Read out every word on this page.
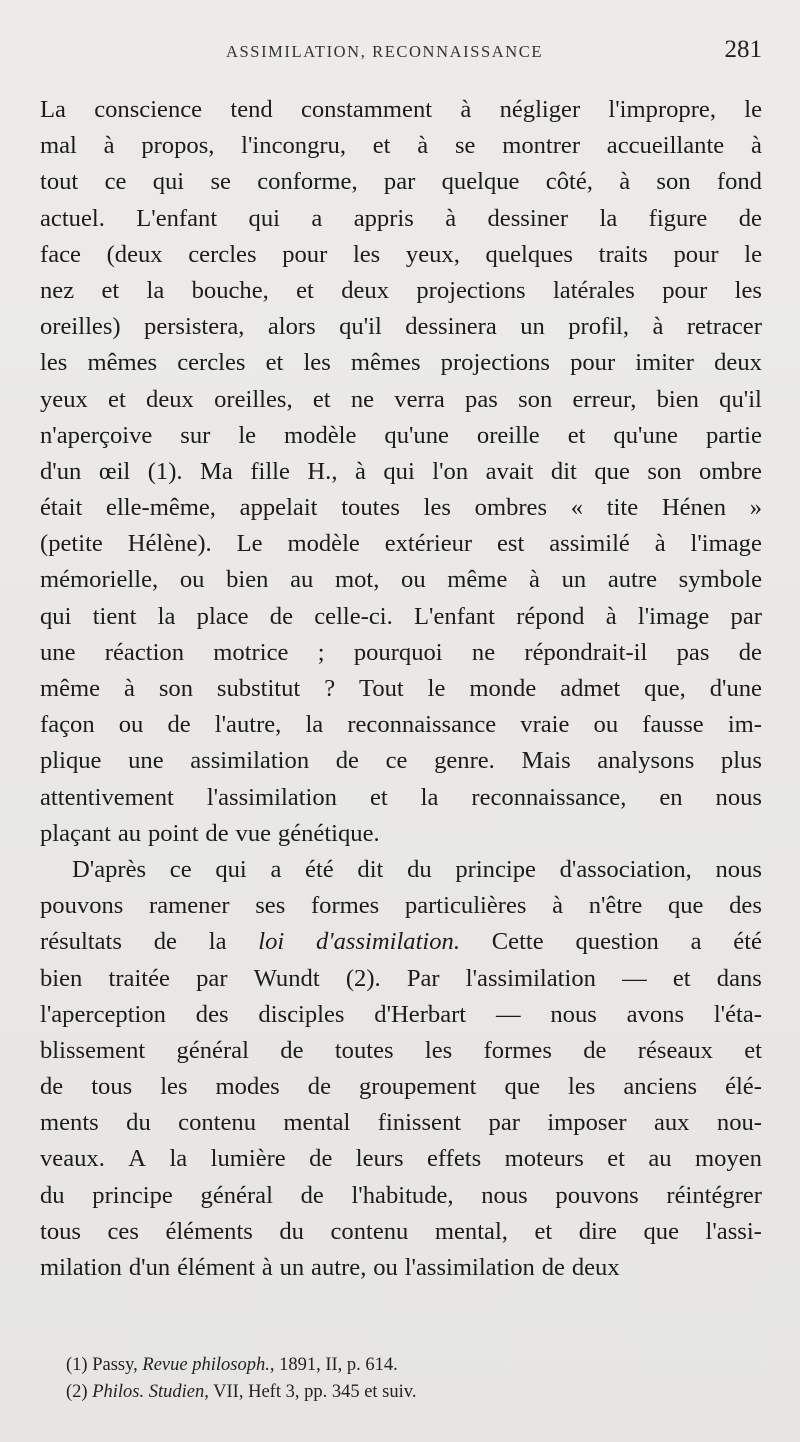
ASSIMILATION, RECONNAISSANCE	281
La conscience tend constamment à négliger l'impropre, le
mal à propos, l'incongru, et à se montrer accueillante à
tout ce qui se conforme, par quelque côté, à son fond
actuel. L'enfant qui a appris à dessiner la figure de
face (deux cercles pour les yeux, quelques traits pour le
nez et la bouche, et deux projections latérales pour les
oreilles) persistera, alors qu'il dessinera un profil, à retracer
les mêmes cercles et les mêmes projections pour imiter deux
yeux et deux oreilles, et ne verra pas son erreur, bien qu'il
n'aperçoive sur le modèle qu'une oreille et qu'une partie
d'un œil (1). Ma fille H., à qui l'on avait dit que son ombre
était elle-même, appelait toutes les ombres « tite Hénen »
(petite Hélène). Le modèle extérieur est assimilé à l'image
mémorielle, ou bien au mot, ou même à un autre symbole
qui tient la place de celle-ci. L'enfant répond à l'image par
une réaction motrice ; pourquoi ne répondrait-il pas de
même à son substitut ? Tout le monde admet que, d'une
façon ou de l'autre, la reconnaissance vraie ou fausse im-
plique une assimilation de ce genre. Mais analysons plus
attentivement l'assimilation et la reconnaissance, en nous
plaçant au point de vue génétique.
D'après ce qui a été dit du principe d'association, nous
pouvons ramener ses formes particulières à n'être que des
résultats de la loi d'assimilation. Cette question a été
bien traitée par Wundt (2). Par l'assimilation — et dans
l'aperception des disciples d'Herbart — nous avons l'éta-
blissement général de toutes les formes de réseaux et
de tous les modes de groupement que les anciens élé-
ments du contenu mental finissent par imposer aux nou-
veaux. A la lumière de leurs effets moteurs et au moyen
du principe général de l'habitude, nous pouvons réintégrer
tous ces éléments du contenu mental, et dire que l'assi-
milation d'un élément à un autre, ou l'assimilation de deux
(1) Passy, Revue philosoph., 1891, II, p. 614.
(2) Philos. Studien, VII, Heft 3, pp. 345 et suiv.
